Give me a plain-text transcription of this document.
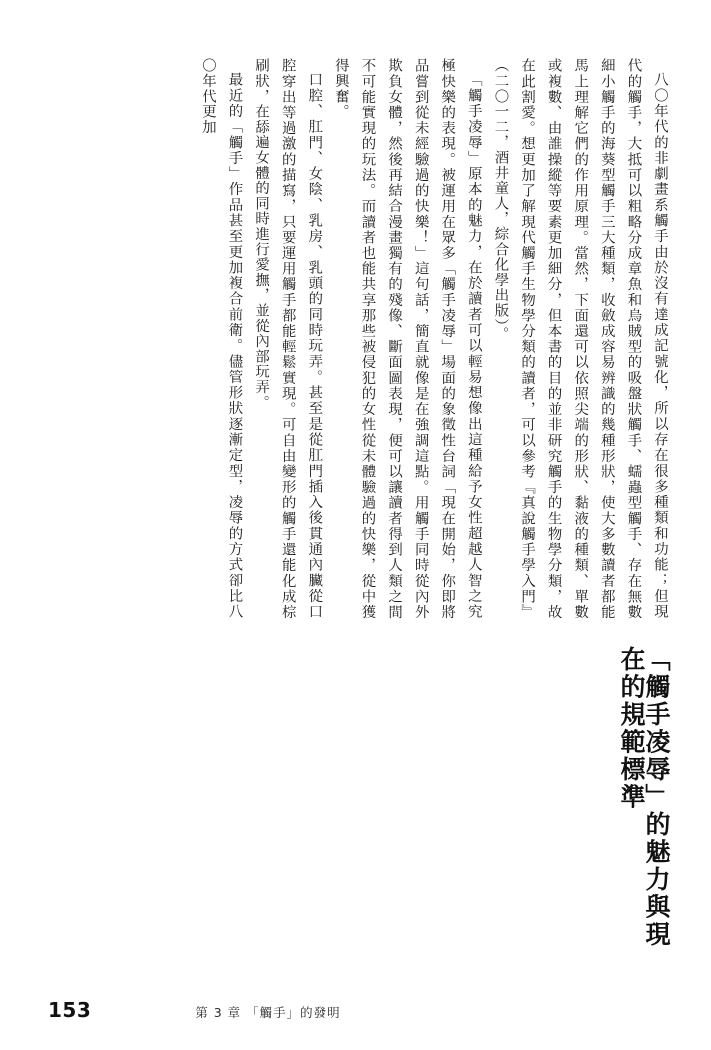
「觸手凌辱」的魅力與現在的規範標準

八〇年代的非劇畫系觸手由於沒有達成記號化，所以存在很多種類和功能；但現代的觸手，大抵可以粗略分成章魚和烏賊型的吸盤狀觸手、蠕蟲型觸手、存在無數細小觸手的海葵型觸手三大種類，收斂成容易辨識的幾種形狀，使大多數讀者都能馬上理解它們的作用原理。當然，下面還可以依照尖端的形狀、黏液的種類、單數或複數、由誰操縱等要素更加細分，但本書的目的並非研究觸手的生物學分類，故在此割愛。想更加了解現代觸手生物學分類的讀者，可以參考『真說觸手學入門』（二〇一二，酒井童人，綜合化學出版）。

「觸手凌辱」原本的魅力，在於讀者可以輕易想像出這種給予女性超越人智之究極快樂的表現。被運用在眾多「觸手凌辱」場面的象徵性台詞「現在開始，你即將品嘗到從未經驗過的快樂！」這句話，簡直就像是在強調這點。用觸手同時從內外欺負女體，然後再結合漫畫獨有的殘像、斷面圖表現，便可以讓讀者得到人類之間不可能實現的玩法。而讀者也能共享那些被侵犯的女性從未體驗過的快樂，從中獲得興奮。

口腔、肛門、女陰、乳房、乳頭的同時玩弄。甚至是從肛門插入後貫通內臟從口腔穿出等過激的描寫，只要運用觸手都能輕鬆實現。可自由變形的觸手還能化成棕刷狀，在舔遍女體的同時進行愛撫，並從內部玩弄。

最近的「觸手」作品甚至更加複合前衛。儘管形狀逐漸定型，凌辱的方式卻比八〇年代更加

153	第 3 章 「觸手」的發明
